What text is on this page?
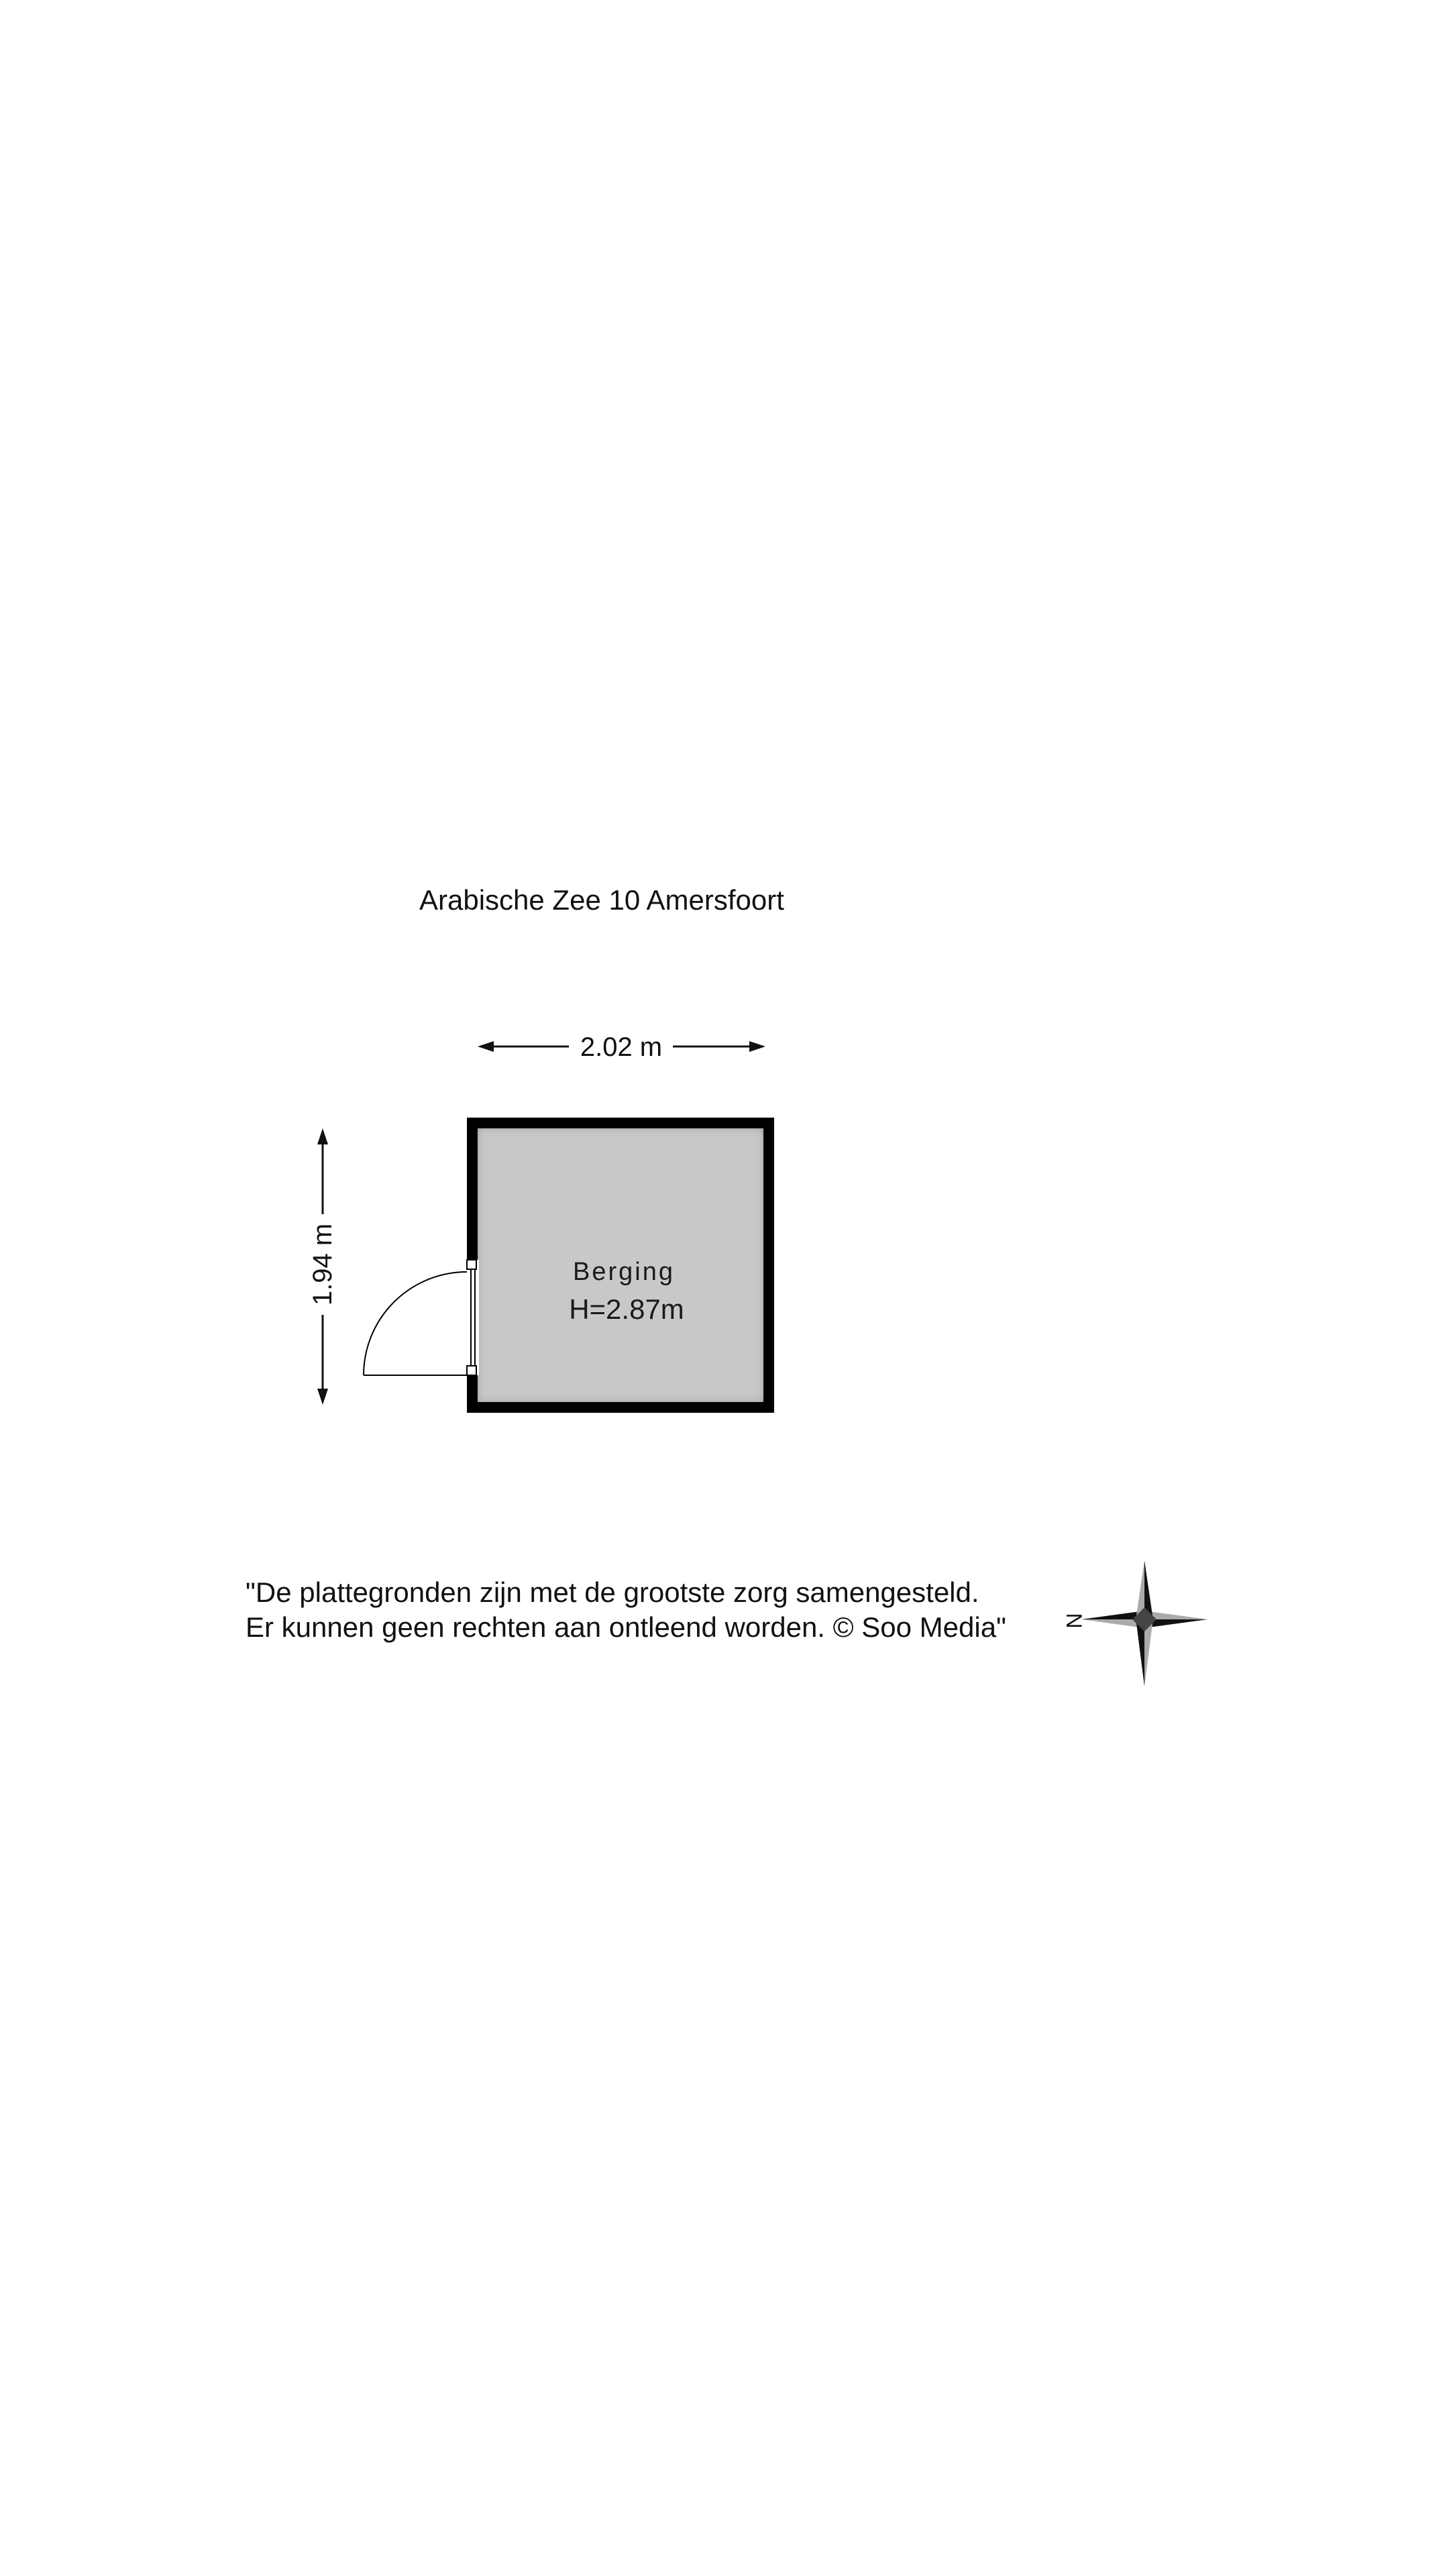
Arabische Zee 10 Amersfoort
2.02 m
1.94 m	Berging
H=2.87m
N
"De plattegronden zijn met de grootste zorg samengesteld.
Er kunnen geen rechten aan ontleend worden. © Soo Media"
